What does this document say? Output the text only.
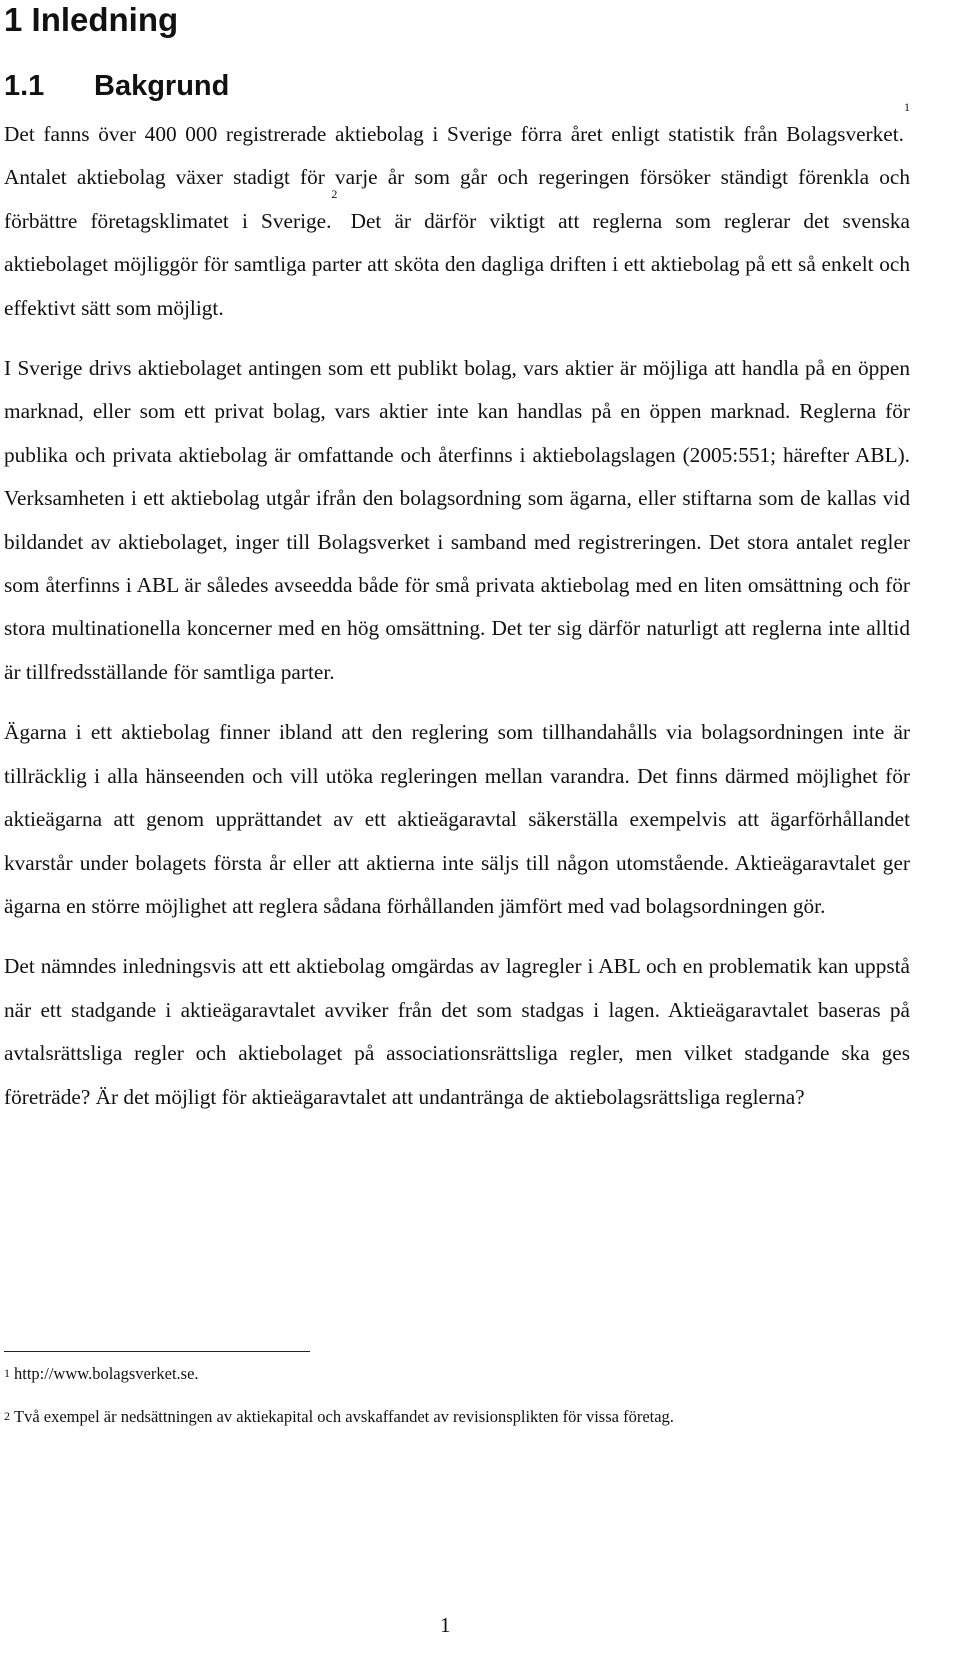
1 Inledning
1.1 Bakgrund

Det fanns över 400 000 registrerade aktiebolag i Sverige förra året enligt statistik från Bolagsverket.$^1$ Antalet aktiebolag växer stadigt för varje år som går och regeringen försöker ständigt förenkla och förbättre företagsklimatet i Sverige.$^2$ Det är därför viktigt att reglerna som reglerar det svenska aktiebolaget möjliggör för samtliga parter att sköta den dagliga driften i ett aktiebolag på ett så enkelt och effektivt sätt som möjligt.

I Sverige drivs aktiebolaget antingen som ett publikt bolag, vars aktier är möjliga att handla på en öppen marknad, eller som ett privat bolag, vars aktier inte kan handlas på en öppen marknad. Reglerna för publika och privata aktiebolag är omfattande och återfinns i aktiebolagslagen (2005:551; härefter ABL). Verksamheten i ett aktiebolag utgår ifrån den bolagsordning som ägarna, eller stiftarna som de kallas vid bildandet av aktiebolaget, inger till Bolagsverket i samband med registreringen. Det stora antalet regler som återfinns i ABL är således avseedda både för små privata aktiebolag med en liten omsättning och för stora multinationella koncerner med en hög omsättning. Det ter sig därför naturligt att reglerna inte alltid är tillfredsställande för samtliga parter.

Ägarna i ett aktiebolag finner ibland att den reglering som tillhandahålls via bolagsordningen inte är tillräcklig i alla hänseenden och vill utöka regleringen mellan varandra. Det finns därmed möjlighet för aktieägarna att genom upprättandet av ett aktieägaravtal säkerställa exempelvis att ägarförhållandet kvarstår under bolagets första år eller att aktierna inte säljs till någon utomstående. Aktieägaravtalet ger ägarna en större möjlighet att reglera sådana förhållanden jämfört med vad bolagsordningen gör.

Det nämndes inledningsvis att ett aktiebolag omgärdas av lagregler i ABL och en problematik kan uppstå när ett stadgande i aktieägaravtalet avviker från det som stadgas i lagen. Aktieägaravtalet baseras på avtalsrättsliga regler och aktiebolaget på associationsrättsliga regler, men vilket stadgande ska ges företräde? Är det möjligt för aktieägaravtalet att undantränga de aktiebolagsrättsliga reglerna?

$^1$ http://www.bolagsverket.se.
$^2$ Två exempel är nedsättningen av aktiekapital och avskaffandet av revisionsplikten för vissa företag.
1
